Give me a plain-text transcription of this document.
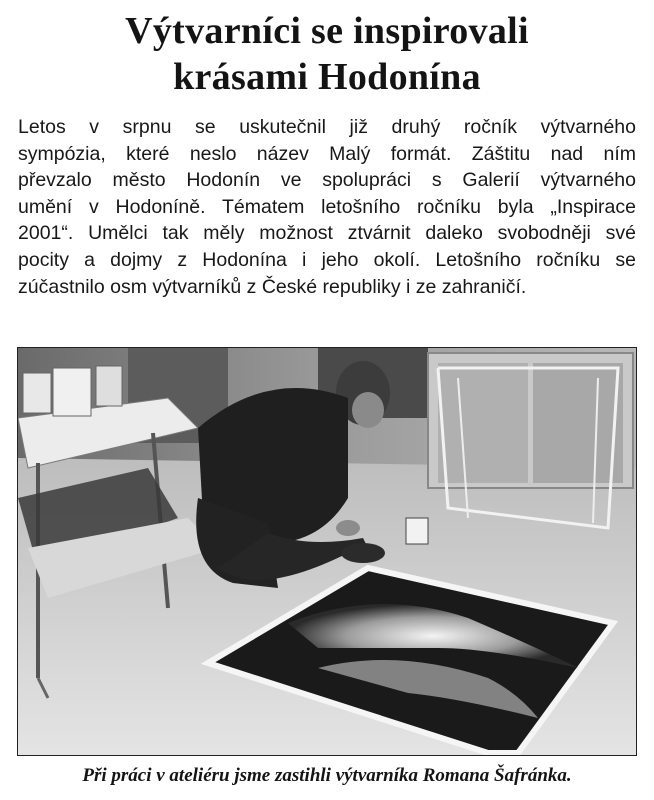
Výtvarníci se inspirovali
krásami Hodonína
Letos v srpnu se uskutečnil již druhý ročník výtvarného
sympózia, které neslo název Malý formát. Záštitu nad ním
převzalo město Hodonín ve spolupráci s Galerií výtvarného
umění v Hodoníně. Tématem letošního ročníku byla „Inspirace
2001“. Umělci tak měly možnost ztvárnit daleko svobodněji své
pocity a dojmy z Hodonína i jeho okolí. Letošního ročníku se
zúčastnilo osm výtvarníků z České republiky i ze zahraničí.
Při práci v ateliéru jsme zastihli výtvarníka Romana Šafránka.
